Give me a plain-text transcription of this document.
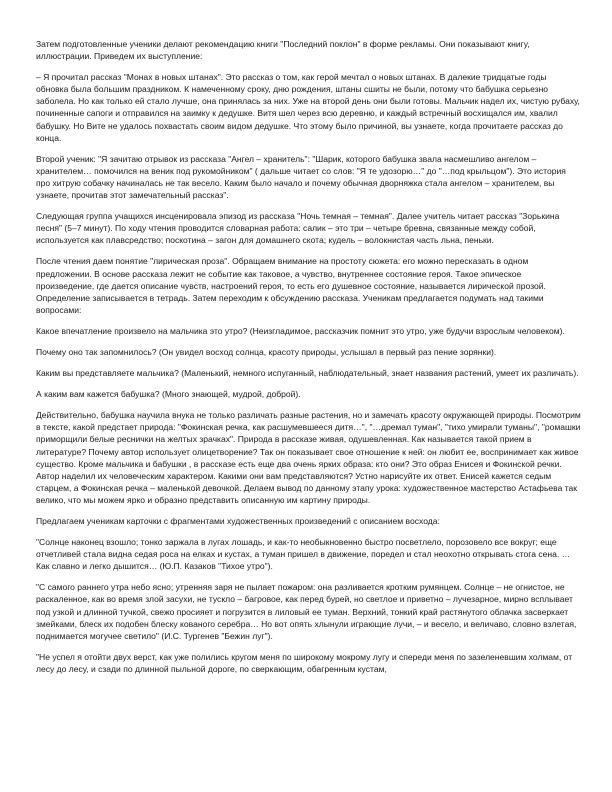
Затем подготовленные ученики делают рекомендацию книги "Последний поклон" в форме рекламы. Они показывают книгу, иллюстрации. Приведем их выступление:

– Я прочитал рассказ "Монах в новых штанах". Это рассказ о том, как герой мечтал о новых штанах. В далекие тридцатые годы обновка была большим праздником. К намеченному сроку, дню рождения, штаны сшиты не были, потому что бабушка серьезно заболела. Но как только ей стало лучше, она принялась за них. Уже на второй день они были готовы. Мальчик надел их, чистую рубаху, починенные сапоги и отправился на заимку к дедушке. Витя шел через всю деревню, и каждый встречный восхищался им, хвалил бабушку. Но Вите не удалось похвастать своим видом дедушке. Что этому было причиной, вы узнаете, когда прочитаете рассказ до конца.

Второй ученик: "Я зачитаю отрывок из рассказа "Ангел – хранитель": "Шарик, которого бабушка звала насмешливо ангелом – хранителем… помочился на веник под рукомойником" ( дальше читает со слов: "Я те удозорю…" до "…под крыльцом"). Это история про хитрую собачку начиналась не так весело. Каким было начало и почему обычная дворняжка стала ангелом – хранителем, вы узнаете, прочитав этот замечательный рассказ".

Следующая группа учащихся инсценировала эпизод из рассказа "Ночь темная – темная". Далее учитель читает рассказ "Зорькина песня" (5–7 минут). По ходу чтения проводится словарная работа: салик – это три – четыре бревна, связанные между собой, используется как плавсредство; поскотина – загон для домашнего скота; кудель – волокнистая часть льна, пеньки.

После чтения даем понятие "лирическая проза". Обращаем внимание на простоту сюжета: его можно пересказать в одном предложении. В основе рассказа лежит не событие как таковое, а чувство, внутреннее состояние героя. Такое эпическое произведение, где дается описание чувств, настроений героя, то есть его душевное состояние, называется лирической прозой. Определение записывается в тетрадь. Затем переходим к обсуждению рассказа. Ученикам предлагается подумать над такими вопросами:

Какое впечатление произвело на мальчика это утро? (Неизгладимое, рассказчик помнит это утро, уже будучи взрослым человеком).

Почему оно так запомнилось? (Он увидел восход солнца, красоту природы, услышал в первый раз пение зорянки).

Каким вы представляете мальчика? (Маленький, немного испуганный, наблюдательный, знает названия растений, умеет их различать).

А каким вам кажется бабушка? (Много знающей, мудрой, доброй).

Действительно, бабушка научила внука не только различать разные растения, но и замечать красоту окружающей природы. Посмотрим в тексте, какой предстает природа: "Фокинская речка, как расшумевшееся дитя…", "…дремал туман", "тихо умирали туманы", "ромашки приморщили белые реснички на желтых зрачках". Природа в рассказе живая, одушевленная. Как называется такой прием в литературе? Почему автор использует олицетворение? Так он показывает свое отношение к ней: он любит ее, воспринимает как живое существо. Кроме мальчика и бабушки , в рассказе есть еще два очень ярких образа: кто они? Это образ Енисея и Фокинской речки. Автор наделил их человеческим характером. Какими они вам представляются? Устно нарисуйте их ответ. Енисей кажется седым старцем, а Фокинская речка – маленькой девочкой. Делаем вывод по данному этапу урока: художественное мастерство Астафьева так велико, что мы можем ярко и образно представить описанную им картину природы.

Предлагаем ученикам карточки с фрагментами художественных произведений с описанием восхода:

"Солнце наконец взошло; тонко заржала в лугах лошадь, и как-то необыкновенно быстро посветлело, порозовело все вокруг; еще отчетливей стала видна седая роса на елках и кустах, а туман пришел в движение, поредел и стал неохотно открывать стога сена. …Как славно и легко дышится… (Ю.П. Казаков "Тихое утро").

"С самого раннего утра небо ясно; утренняя заря не пылает пожаром: она разливается кротким румянцем. Солнце – не огнистое, не раскаленное, как во время злой засухи, не тускло – багровое, как перед бурей, но светлое и приветно – лучезарное, мирно всплывает под узкой и длинной тучкой, свежо просияет и погрузится в лиловый ее туман. Верхний, тонкий край растянутого облачка засверкает змейками, блеск их подобен блеску кованого серебра… Но вот опять хлынули играющие лучи, – и весело, и величаво, словно взлетая, поднимается могучее светило" (И.С. Тургенев "Бежин луг").

"Не успел я отойти двух верст, как уже полились кругом меня по широкому мокрому лугу и спереди меня по зазеленевшим холмам, от лесу до лесу, и сзади по длинной пыльной дороге, по сверкающим, обагренным кустам,
